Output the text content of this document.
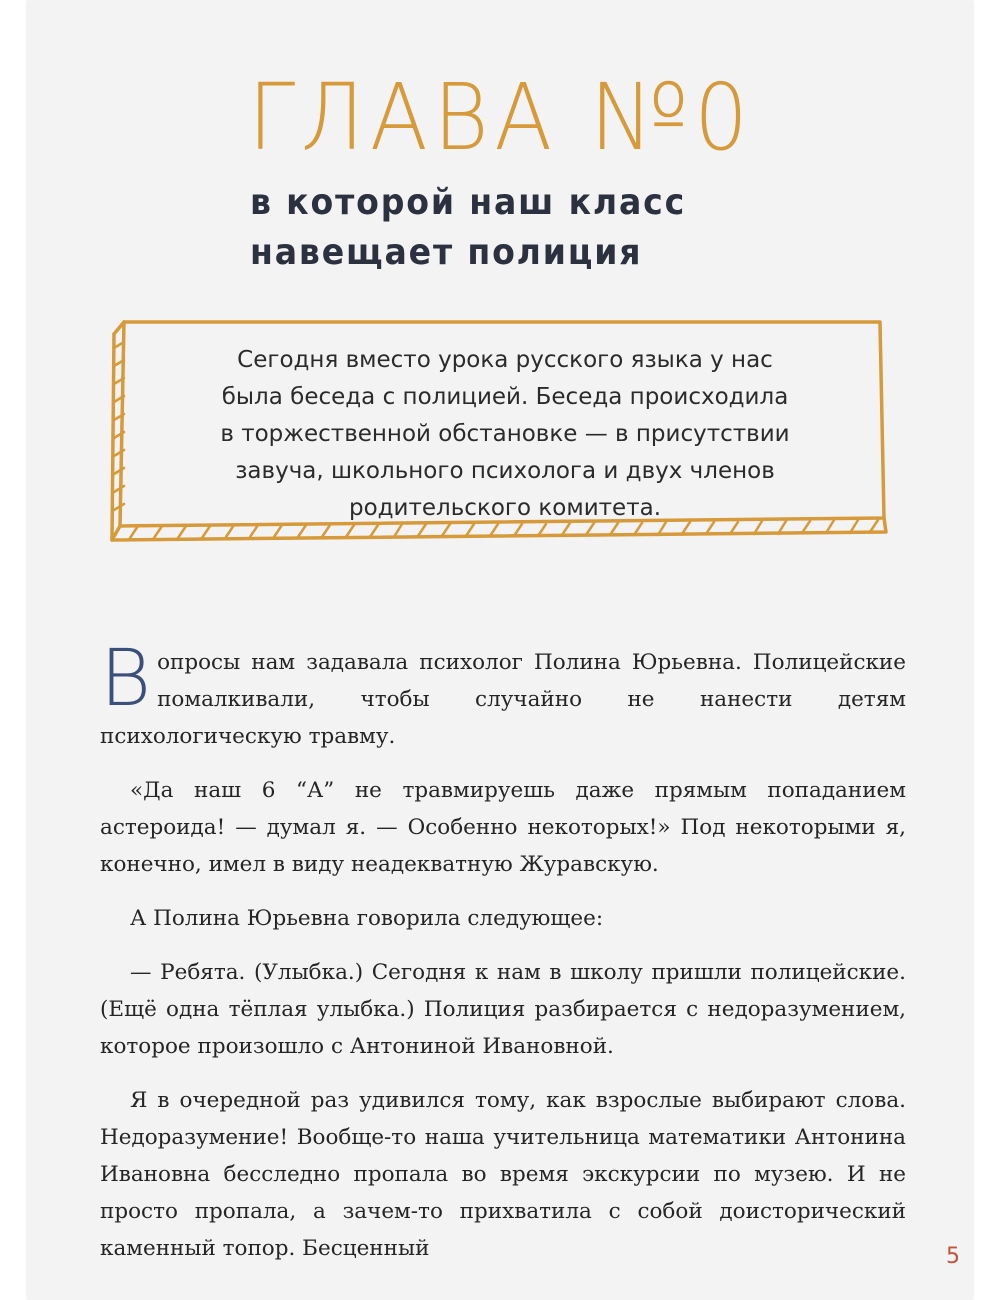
ГЛАВА №0
в которой наш класс
навещает полиция
Сегодня вместо урока русского языка у нас
была беседа с полицией. Беседа происходила
в торжественной обстановке — в присутствии
завуча, школьного психолога и двух членов
родительского комитета.

Вопросы нам задавала психолог Полина Юрьевна. Полицейские помалкивали, чтобы случайно не нанести детям психологическую травму.

«Да наш 6 “А” не травмируешь даже прямым попаданием астероида! — думал я. — Особенно некоторых!» Под некоторыми я, конечно, имел в виду неадекватную Журавскую.

А Полина Юрьевна говорила следующее:

— Ребята. (Улыбка.) Сегодня к нам в школу пришли полицейские. (Ещё одна тёплая улыбка.) Полиция разбирается с недоразумением, которое произошло с Антониной Ивановной.

Я в очередной раз удивился тому, как взрослые выбирают слова. Недоразумение! Вообще-то наша учительница математики Антонина Ивановна бесследно пропала во время экскурсии по музею. И не просто пропала, а зачем-то прихватила с собой доисторический каменный топор. Бесценный	5
